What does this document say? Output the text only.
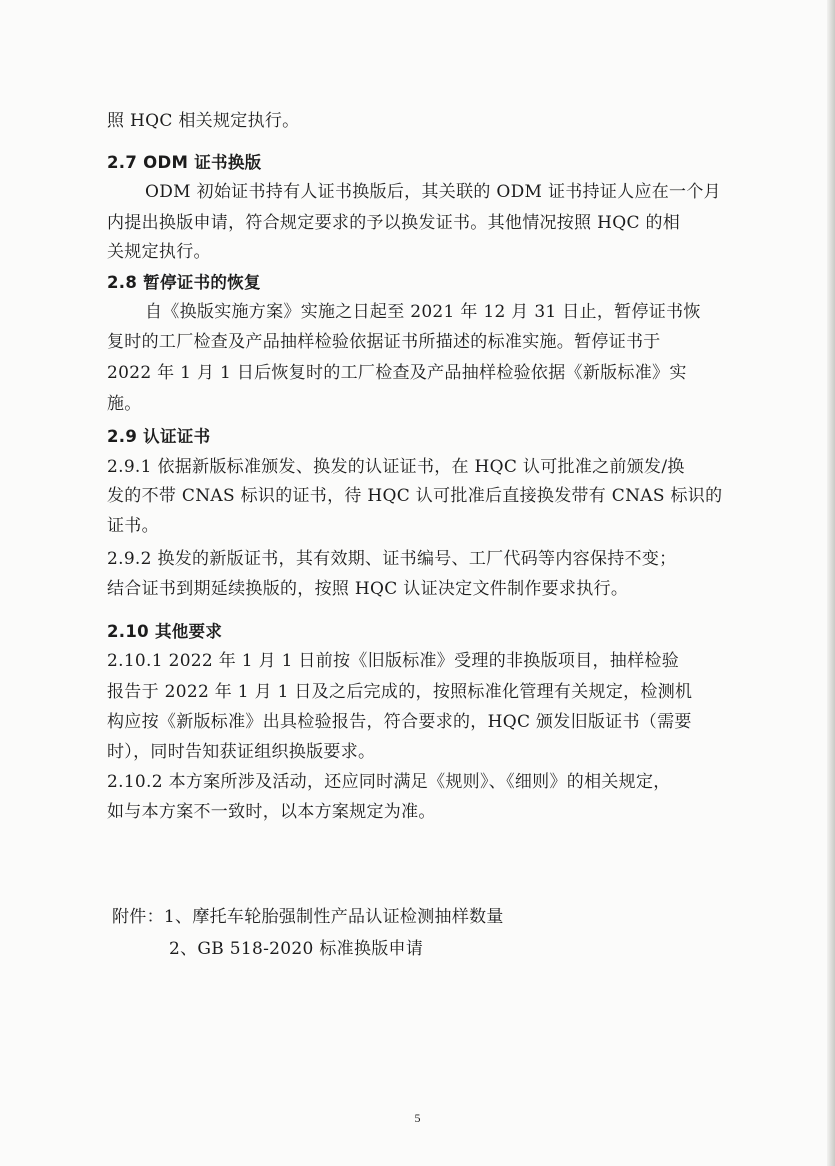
照 HQC 相关规定执行。
2.7 ODM 证书换版
ODM 初始证书持有人证书换版后，其关联的 ODM 证书持证人应在一个月
内提出换版申请，符合规定要求的予以换发证书。其他情况按照 HQC 的相
关规定执行。
2.8 暂停证书的恢复
自《换版实施方案》实施之日起至 2021 年 12 月 31 日止，暂停证书恢
复时的工厂检查及产品抽样检验依据证书所描述的标准实施。暂停证书于
2022 年 1 月 1 日后恢复时的工厂检查及产品抽样检验依据《新版标准》实
施。
2.9 认证证书
2.9.1 依据新版标准颁发、换发的认证证书，在 HQC 认可批准之前颁发/换
发的不带 CNAS 标识的证书，待 HQC 认可批准后直接换发带有 CNAS 标识的
证书。
2.9.2 换发的新版证书，其有效期、证书编号、工厂代码等内容保持不变；
结合证书到期延续换版的，按照 HQC 认证决定文件制作要求执行。
2.10 其他要求
2.10.1 2022 年 1 月 1 日前按《旧版标准》受理的非换版项目，抽样检验
报告于 2022 年 1 月 1 日及之后完成的，按照标准化管理有关规定，检测机
构应按《新版标准》出具检验报告，符合要求的，HQC 颁发旧版证书（需要
时），同时告知获证组织换版要求。
2.10.2 本方案所涉及活动，还应同时满足《规则》、《细则》的相关规定，
如与本方案不一致时，以本方案规定为准。
附件：1、摩托车轮胎强制性产品认证检测抽样数量
2、GB 518-2020 标准换版申请
5
